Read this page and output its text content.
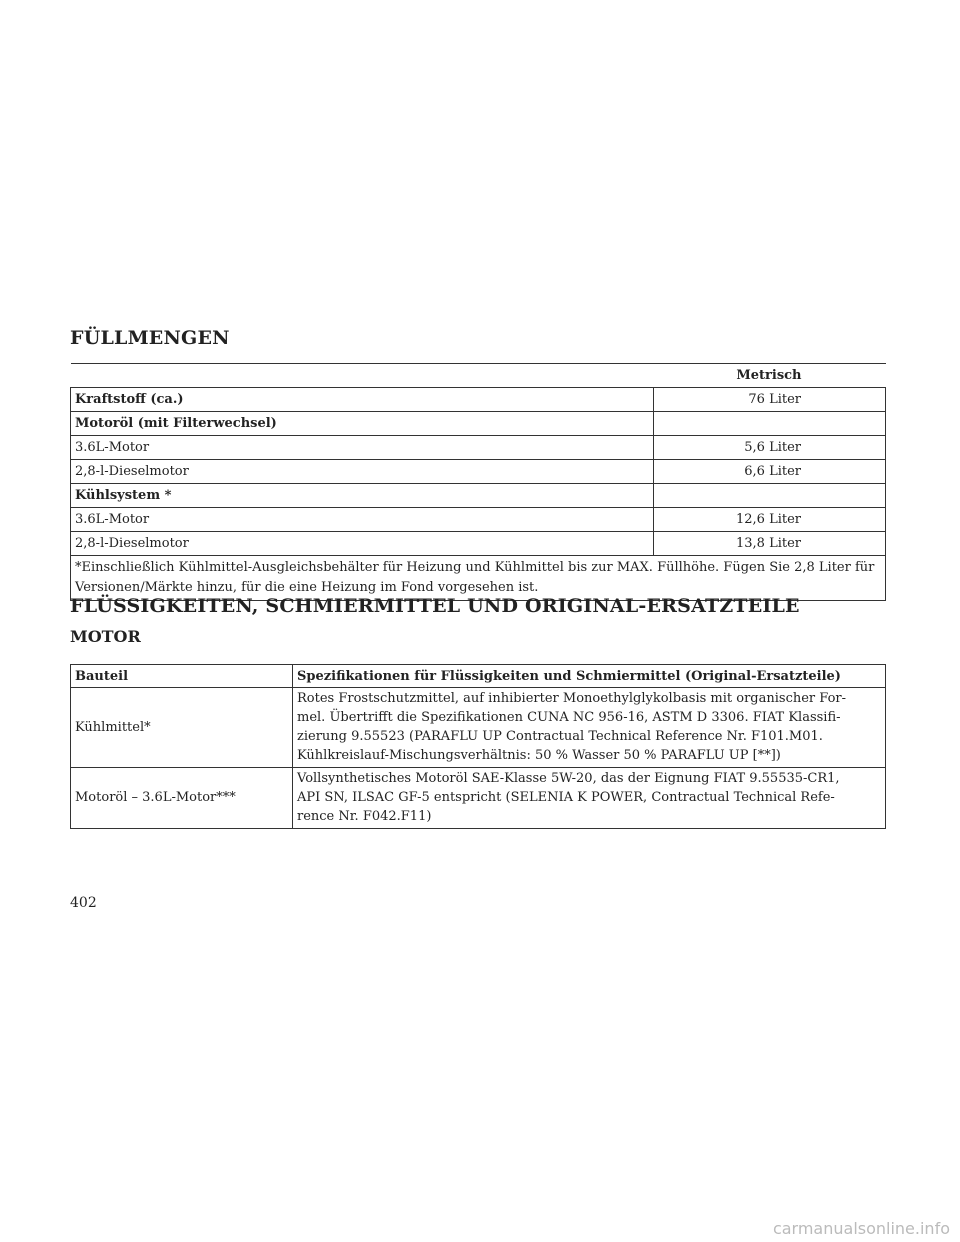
FÜLLMENGEN
	Metrisch
Kraftstoff (ca.)	76 Liter
Motoröl (mit Filterwechsel)	
3.6L-Motor	5,6 Liter
2,8-l-Dieselmotor	6,6 Liter
Kühlsystem *	
3.6L-Motor	12,6 Liter
2,8-l-Dieselmotor	13,8 Liter
*Einschließlich Kühlmittel-Ausgleichsbehälter für Heizung und Kühlmittel bis zur MAX. Füllhöhe. Fügen Sie 2,8 Liter für Versionen/Märkte hinzu, für die eine Heizung im Fond vorgesehen ist.	
FLÜSSIGKEITEN, SCHMIERMITTEL UND ORIGINAL-ERSATZTEILE
MOTOR
Bauteil	Spezifikationen für Flüssigkeiten und Schmiermittel (Original-Ersatzteile)
Kühlmittel*	Rotes Frostschutzmittel, auf inhibierter Monoethylglykolbasis mit organischer For-
mel. Übertrifft die Spezifikationen CUNA NC 956-16, ASTM D 3306. FIAT Klassifi-
zierung 9.55523 (PARAFLU UP Contractual Technical Reference Nr. F101.M01.
Kühlkreislauf-Mischungsverhältnis: 50 % Wasser 50 % PARAFLU UP [**])
Motoröl – 3.6L-Motor***	Vollsynthetisches Motoröl SAE-Klasse 5W-20, das der Eignung FIAT 9.55535-CR1,
API SN, ILSAC GF-5 entspricht (SELENIA K POWER, Contractual Technical Refe-
rence Nr. F042.F11)

402

carmanualsonline.info
